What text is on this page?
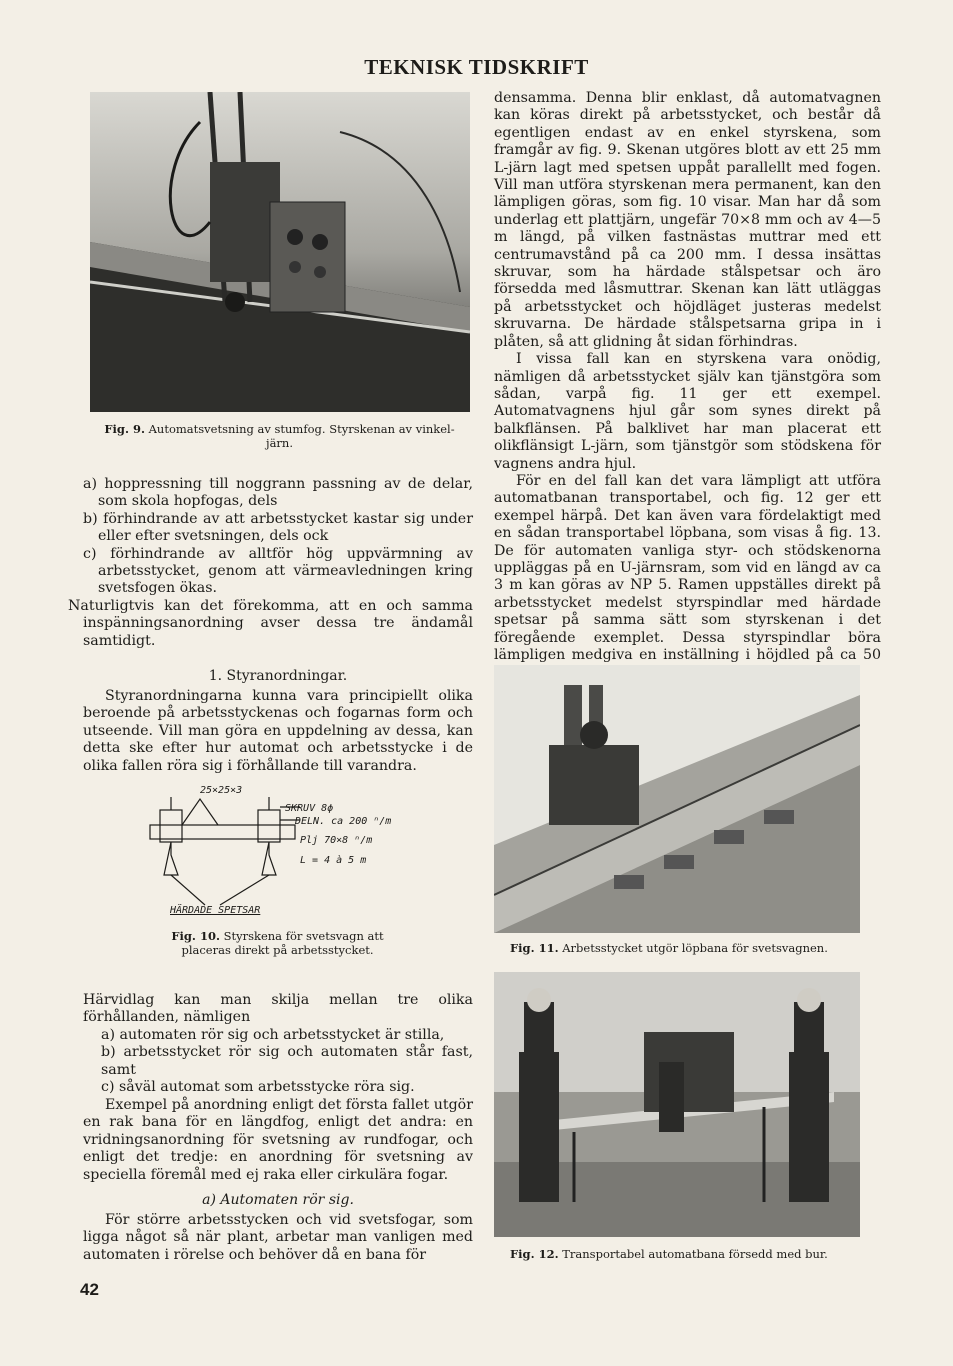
TEKNISK TIDSKRIFT
Fig. 9. Automatsvetsning av stumfog. Styrskenan av vinkel-järn.

a) hoppressning till noggrann passning av de delar, som skola hopfogas, dels

b) förhindrande av att arbetsstycket kastar sig under eller efter svetsningen, dels ock

c) förhindrande av alltför hög uppvärmning av arbetsstycket, genom att värmeavledningen kring svetsfogen ökas.

Naturligtvis kan det förekomma, att en och samma inspänningsanordning avser dessa tre ändamål samtidigt.

1. Styranordningar.

Styranordningarna kunna vara principiellt olika beroende på arbetsstyckenas och fogarnas form och utseende. Vill man göra en uppdelning av dessa, kan detta ske efter hur automat och arbetsstycke i de olika fallen röra sig i förhållande till varandra.

25×25×3
SKRUV 8ϕ
DELN. ca 200 ⁿ/m
Plj 70×8 ⁿ/m
L = 4 à 5 m
HÄRDADE SPETSAR
Fig. 10. Styrskena för svetsvagn att placeras direkt på arbetsstycket.

Härvidlag kan man skilja mellan tre olika förhållanden, nämligen

a) automaten rör sig och arbetsstycket är stilla,

b) arbetsstycket rör sig och automaten står fast, samt

c) såväl automat som arbetsstycke röra sig.

Exempel på anordning enligt det första fallet utgör en rak bana för en längdfog, enligt det andra: en vridningsanordning för svetsning av rundfogar, och enligt det tredje: en anordning för svetsning av speciella föremål med ej raka eller cirkulära fogar.

a) Automaten rör sig.

För större arbetsstycken och vid svetsfogar, som ligga något så när plant, arbetar man vanligen med automaten i rörelse och behöver då en bana för

densamma. Denna blir enklast, då automatvagnen kan köras direkt på arbetsstycket, och består då egentligen endast av en enkel styrskena, som framgår av fig. 9. Skenan utgöres blott av ett 25 mm L-järn lagt med spetsen uppåt parallellt med fogen. Vill man utföra styrskenan mera permanent, kan den lämpligen göras, som fig. 10 visar. Man har då som underlag ett plattjärn, ungefär 70×8 mm och av 4—5 m längd, på vilken fastnästas muttrar med ett centrumavstånd på ca 200 mm. I dessa insättas skruvar, som ha härdade stålspetsar och äro försedda med låsmuttrar. Skenan kan lätt utläggas på arbetsstycket och höjdläget justeras medelst skruvarna. De härdade stålspetsarna gripa in i plåten, så att glidning åt sidan förhindras.

I vissa fall kan en styrskena vara onödig, nämligen då arbetsstycket själv kan tjänstgöra som sådan, varpå fig. 11 ger ett exempel. Automatvagnens hjul går som synes direkt på balkflänsen. På balklivet har man placerat ett olikflänsigt L-järn, som tjänstgör som stödskena för vagnens andra hjul.

För en del fall kan det vara lämpligt att utföra automatbanan transportabel, och fig. 12 ger ett exempel härpå. Det kan även vara fördelaktigt med en sådan transportabel löpbana, som visas å fig. 13. De för automaten vanliga styr- och stödskenorna uppläggas på en U-järnsram, som vid en längd av ca 3 m kan göras av NP 5. Ramen uppställes direkt på arbetsstycket medelst styrspindlar med härdade spetsar på samma sätt som styrskenan i det föregående exemplet. Dessa styrspindlar böra lämpligen medgiva en inställning i höjdled på ca 50

Fig. 11. Arbetsstycket utgör löpbana för svetsvagnen.
Fig. 12. Transportabel automatbana försedd med bur.
42
